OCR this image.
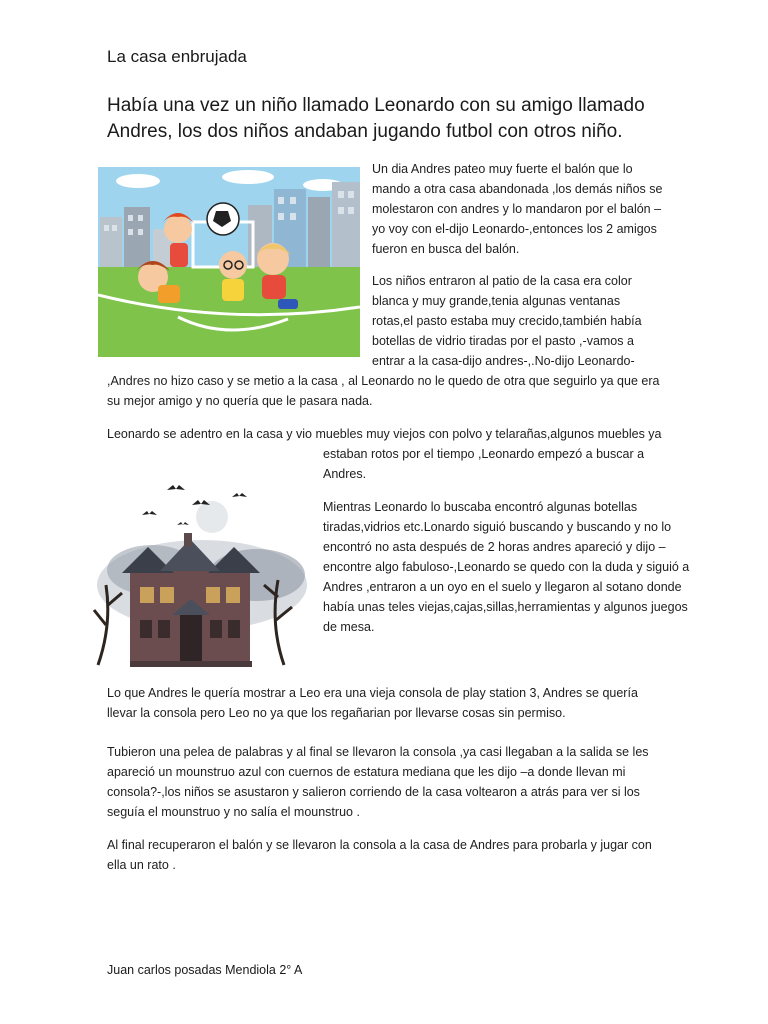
La casa enbrujada
Había una vez un niño llamado Leonardo con su amigo llamado Andres, los dos niños andaban jugando futbol con otros niño.
Un dia Andres pateo muy fuerte el balón que lo mando a otra casa abandonada ,los demás niños se molestaron con andres y lo mandaron por el balón –yo voy con el-dijo Leonardo-,entonces los 2 amigos fueron en busca del balón.
Los niños entraron al patio de la casa era color
blanca y muy grande,tenia algunas ventanas
rotas,el pasto estaba muy crecido,también había
botellas de vidrio tiradas por el pasto ,-vamos a
entrar a la casa-dijo andres-,.No-dijo Leonardo-
,Andres no hizo caso y se metio a la casa , al Leonardo no le quedo de otra que seguirlo ya que era su mejor amigo y no quería que le pasara nada.
Leonardo se adentro en la casa y vio muebles muy viejos con polvo y telarañas,algunos muebles ya
estaban rotos por el tiempo ,Leonardo empezó a buscar a Andres.
Mientras Leonardo lo buscaba encontró algunas botellas tiradas,vidrios etc.Lonardo siguió buscando y buscando y no lo encontró no asta después de 2 horas andres apareció y dijo –encontre algo fabuloso-,Leonardo se quedo con la duda y siguió a Andres ,entraron a un oyo en el suelo y llegaron al sotano donde había unas teles viejas,cajas,sillas,herramientas y algunos juegos de mesa.
Lo que Andres le quería mostrar a Leo era una vieja consola de play station 3, Andres se quería llevar la consola pero Leo no ya que los regañarian por llevarse cosas sin permiso.
Tubieron una pelea de palabras y al final se llevaron la consola ,ya casi llegaban a la salida se les apareció un mounstruo azul con cuernos de estatura mediana que les dijo –a donde llevan mi consola?-,los niños se asustaron y salieron corriendo de la casa voltearon a atrás para ver si los seguía el mounstruo y no salía el mounstruo .
Al final recuperaron el balón y se llevaron la consola a la casa de Andres para probarla y jugar con ella un rato .
Juan carlos posadas Mendiola 2° A
